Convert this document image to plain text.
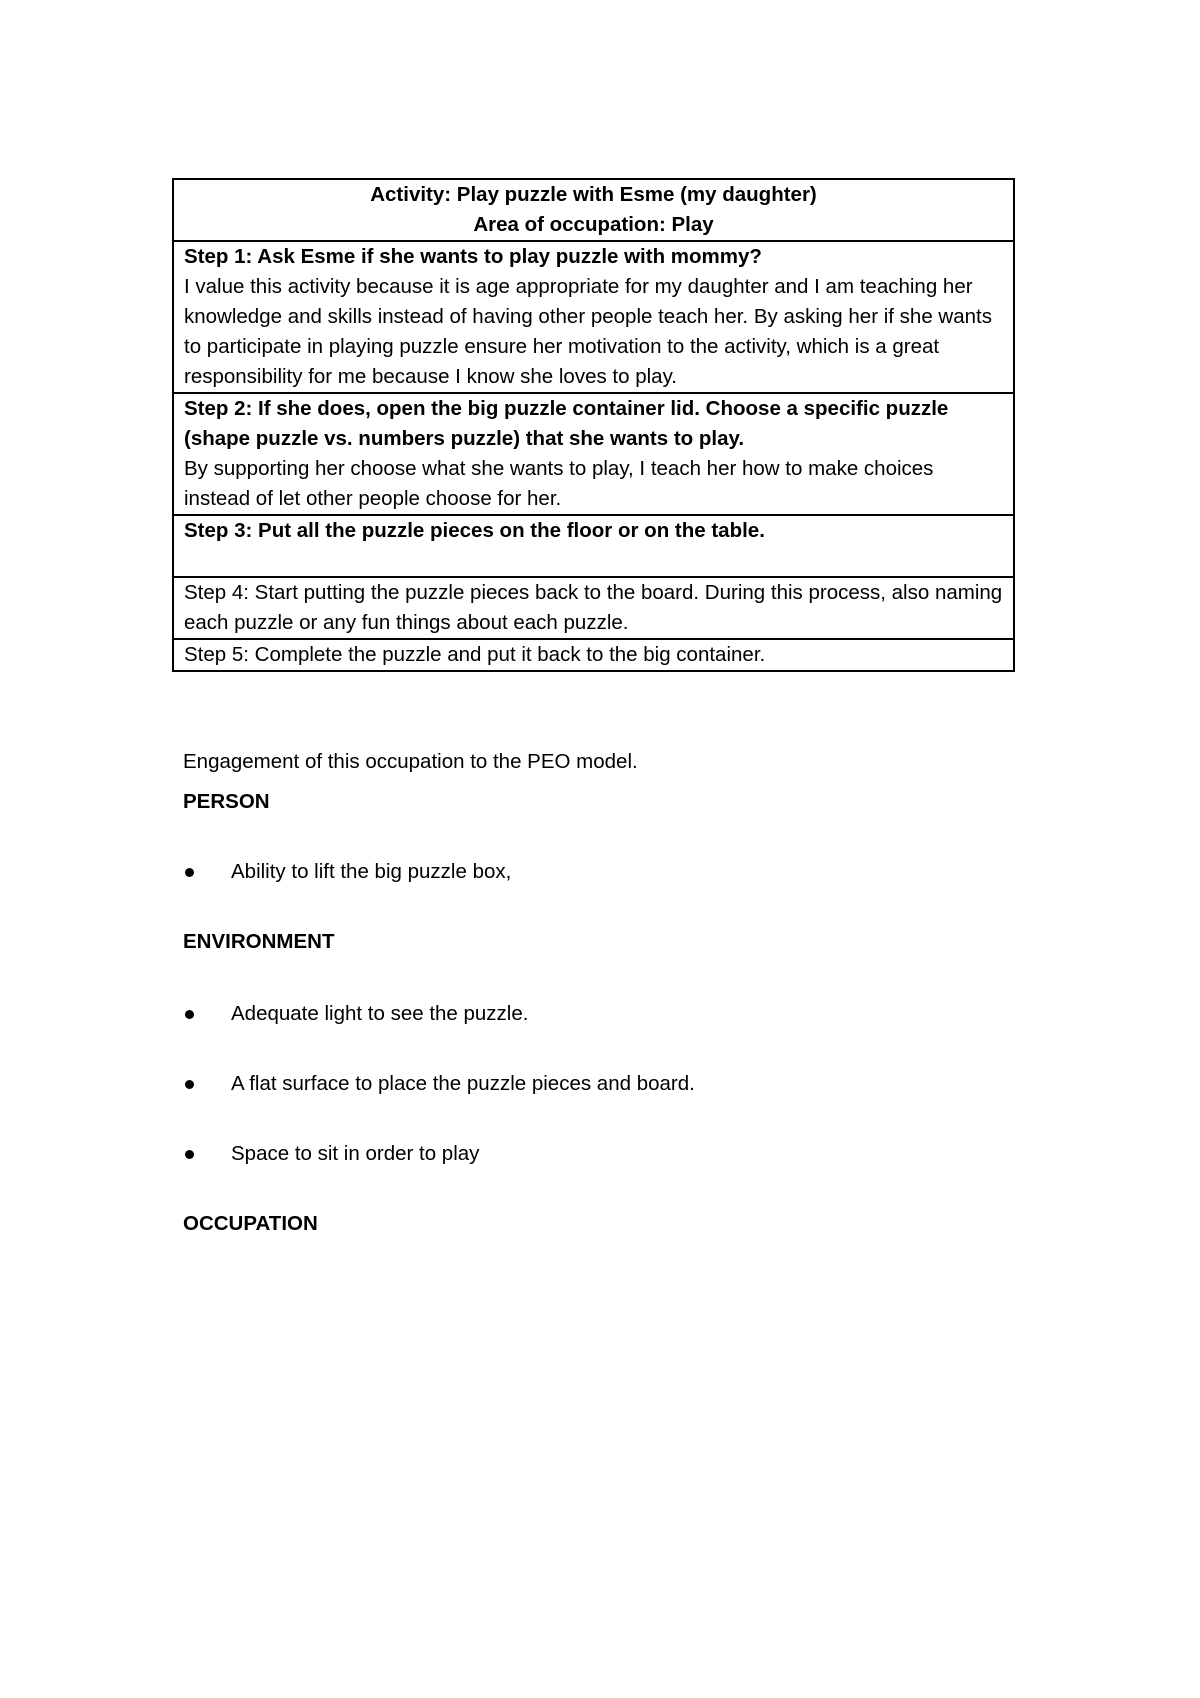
Activity: Play puzzle with Esme (my daughter)
Area of occupation: Play

Step 1: Ask Esme if she wants to play puzzle with mommy?
I value this activity because it is age appropriate for my daughter and I am teaching her knowledge and skills instead of having other people teach her. By asking her if she wants to participate in playing puzzle ensure her motivation to the activity, which is a great responsibility for me because I know she loves to play.

Step 2: If she does, open the big puzzle container lid. Choose a specific puzzle (shape puzzle vs. numbers puzzle) that she wants to play.
By supporting her choose what she wants to play, I teach her how to make choices instead of let other people choose for her.

Step 3: Put all the puzzle pieces on the floor or on the table.

Step 4: Start putting the puzzle pieces back to the board. During this process, also naming each puzzle or any fun things about each puzzle.

Step 5: Complete the puzzle and put it back to the big container.
Engagement of this occupation to the PEO model.
PERSON
Ability to lift the big puzzle box,
ENVIRONMENT
Adequate light to see the puzzle.
A flat surface to place the puzzle pieces and board.
Space to sit in order to play
OCCUPATION
